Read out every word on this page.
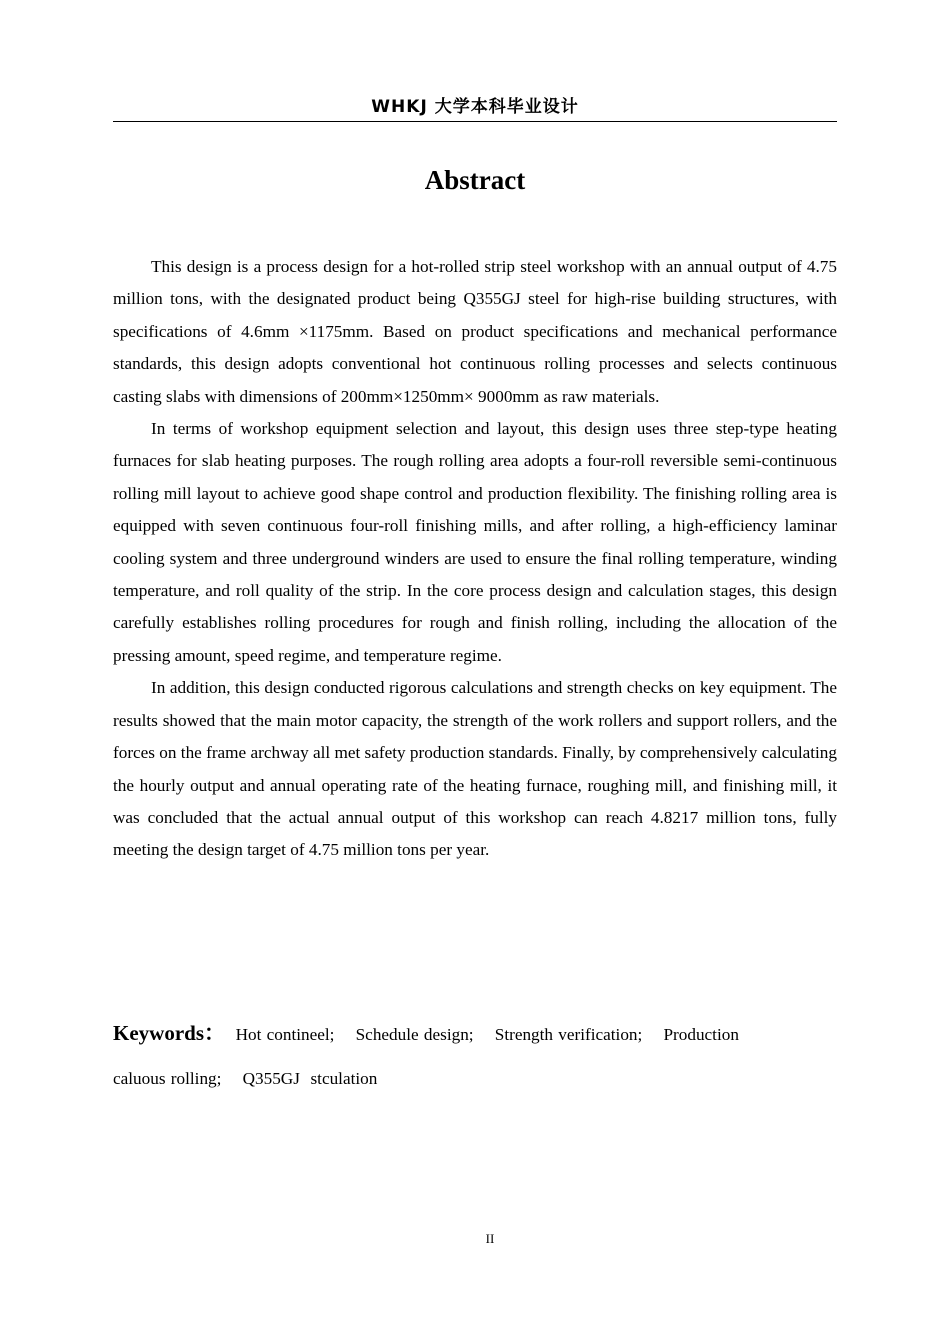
WHKJ 大学本科毕业设计
Abstract

This design is a process design for a hot-rolled strip steel workshop with an annual output of 4.75 million tons, with the designated product being Q355GJ steel for high-rise building structures, with specifications of 4.6mm ×1175mm. Based on product specifications and mechanical performance standards, this design adopts conventional hot continuous rolling processes and selects continuous casting slabs with dimensions of 200mm×1250mm× 9000mm as raw materials.

In terms of workshop equipment selection and layout, this design uses three step-type heating furnaces for slab heating purposes. The rough rolling area adopts a four-roll reversible semi-continuous rolling mill layout to achieve good shape control and production flexibility. The finishing rolling area is equipped with seven continuous four-roll finishing mills, and after rolling, a high-efficiency laminar cooling system and three underground winders are used to ensure the final rolling temperature, winding temperature, and roll quality of the strip. In the core process design and calculation stages, this design carefully establishes rolling procedures for rough and finish rolling, including the allocation of the pressing amount, speed regime, and temperature regime.

In addition, this design conducted rigorous calculations and strength checks on key equipment. The results showed that the main motor capacity, the strength of the work rollers and support rollers, and the forces on the frame archway all met safety production standards. Finally, by comprehensively calculating the hourly output and annual operating rate of the heating furnace, roughing mill, and finishing mill, it was concluded that the actual annual output of this workshop can reach 4.8217 million tons, fully meeting the design target of 4.75 million tons per year.

Keywords： Hot contineel;    Schedule design;    Strength verification;    Production
caluous rolling;    Q355GJ  stculation
II
